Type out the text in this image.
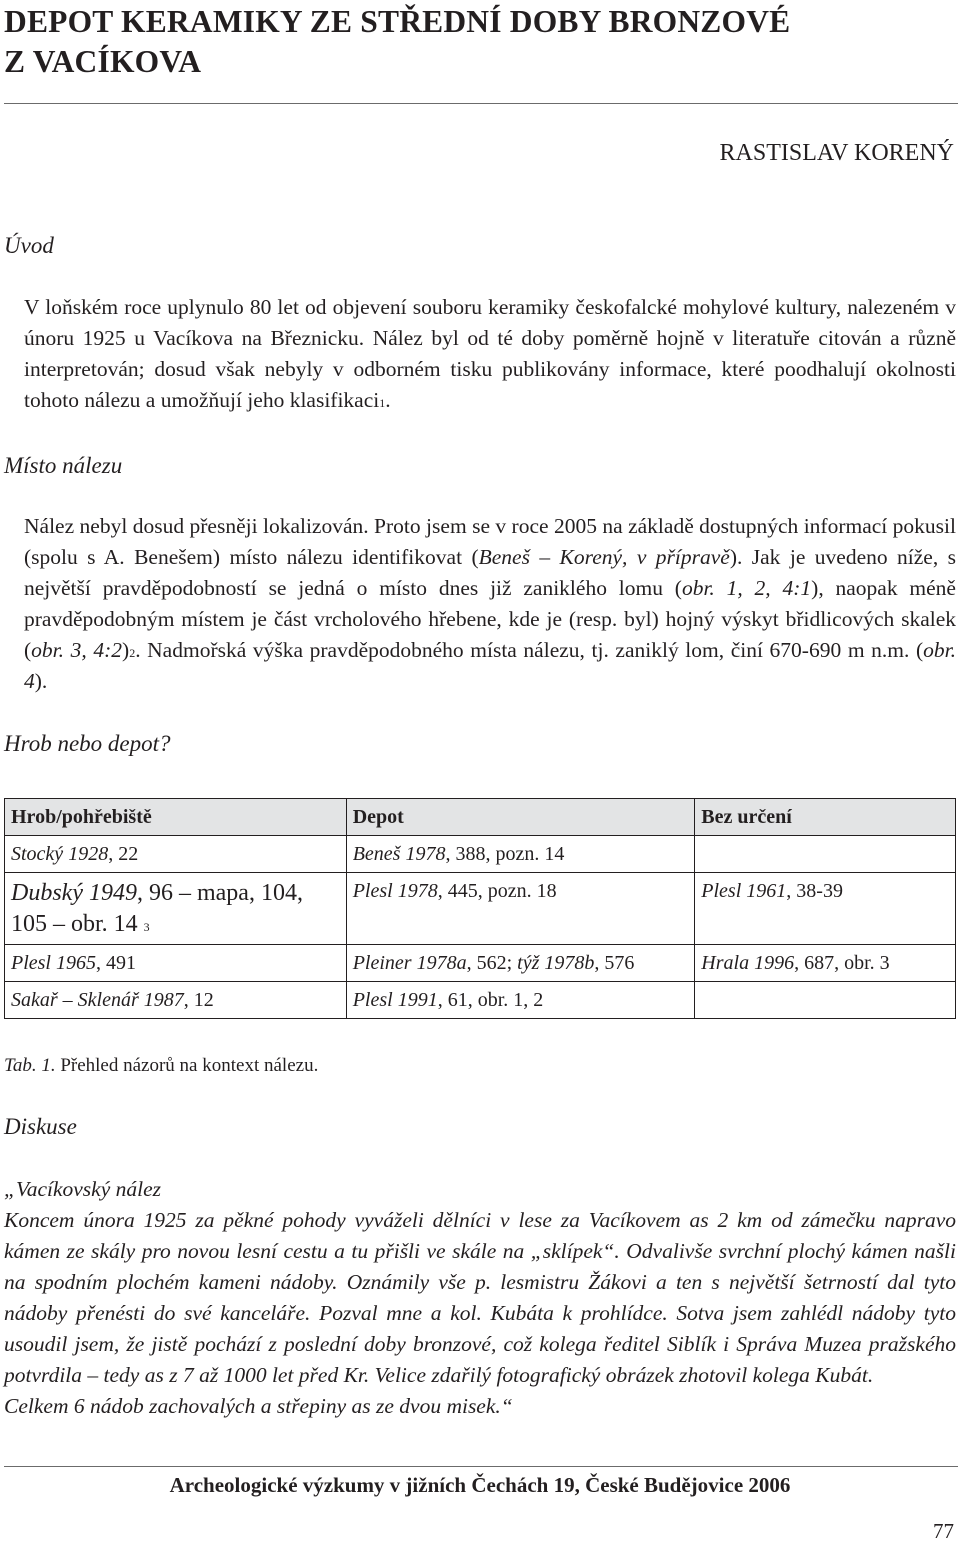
DEPOT KERAMIKY ZE STŘEDNÍ DOBY BRONZOVÉ
Z VACÍKOVA
RASTISLAV KORENÝ
Úvod

V loňském roce uplynulo 80 let od objevení souboru keramiky českofalcké mohylové kultury, nalezeném v únoru 1925 u Vacíkova na Březnicku. Nález byl od té doby poměrně hojně v literatuře citován a různě interpretován; dosud však nebyly v odborném tisku publikovány informace, které poodhalují okolnosti tohoto nálezu a umožňují jeho klasifikaci$^1$.

Místo nálezu

Nález nebyl dosud přesněji lokalizován. Proto jsem se v roce 2005 na základě dostupných informací pokusil (spolu s A. Benešem) místo nálezu identifikovat (Beneš – Korený, v přípravě). Jak je uvedeno níže, s největší pravděpodobností se jedná o místo dnes již zaniklého lomu (obr. 1, 2, 4:1), naopak méně pravděpodobným místem je část vrcholového hřebene, kde je (resp. byl) hojný výskyt břidlicových skalek (obr. 3, 4:2)$^2$. Nadmořská výška pravděpodobného místa nálezu, tj. zaniklý lom, činí 670-690 m n.m. (obr. 4).

Hrob nebo depot?
Hrob/pohřebiště	Depot	Bez určení
Stocký 1928, 22	Beneš 1978, 388, pozn. 14	
Dubský 1949, 96 – mapa, 104, 105 – obr. 14 $^3$	Plesl 1978, 445, pozn. 18	Plesl 1961, 38-39
Plesl 1965, 491	Pleiner 1978a, 562; týž 1978b, 576	Hrala 1996, 687, obr. 3
Sakař – Sklenář 1987, 12	Plesl 1991, 61, obr. 1, 2	
Tab. 1. Přehled názorů na kontext nálezu.
Diskuse

„Vacíkovský nález

Koncem února 1925 za pěkné pohody vyváželi dělníci v lese za Vacíkovem as 2 km od zámečku napravo kámen ze skály pro novou lesní cestu a tu přišli ve skále na „sklípek“. Odvalivše svrchní plochý kámen našli na spodním plochém kameni nádoby. Oznámily vše p. lesmistru Žákovi a ten s největší šetrností dal tyto nádoby přenésti do své kanceláře. Pozval mne a kol. Kubáta k prohlídce. Sotva jsem zahlédl nádoby tyto usoudil jsem, že jistě pochází z poslední doby bronzové, což kolega ředitel Siblík i Správa Muzea pražského potvrdila – tedy as z 7 až 1000 let před Kr. Velice zdařilý fotografický obrázek zhotovil kolega Kubát.

Celkem 6 nádob zachovalých a střepiny as ze dvou misek.“

Archeologické výzkumy v jižních Čechách 19, České Budějovice 2006
77
